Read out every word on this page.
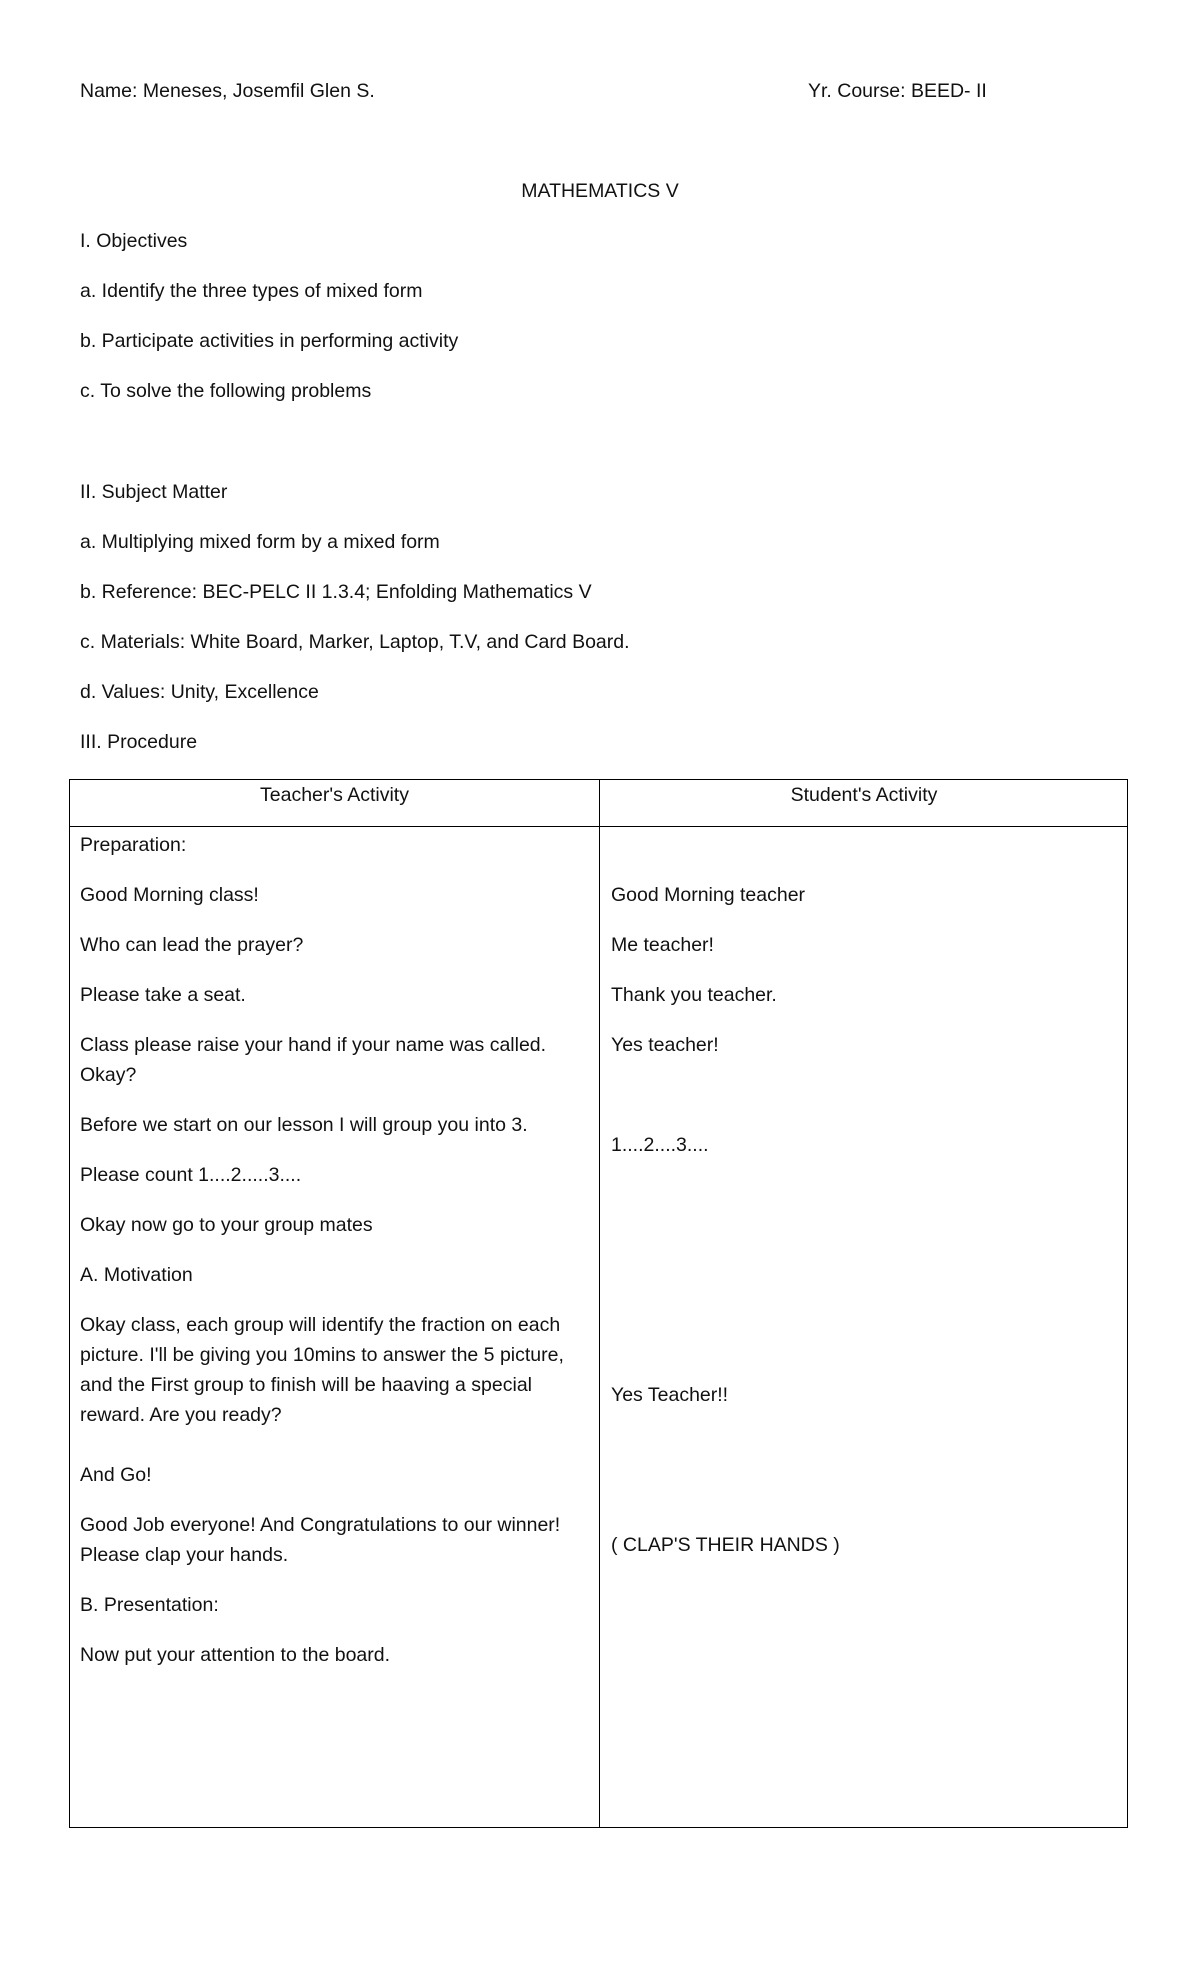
Name: Meneses, Josemfil Glen S.	Yr. Course: BEED- II
MATHEMATICS V
I. Objectives
a. Identify the three types of mixed form
b. Participate activities in performing activity
c. To solve the following problems
II. Subject Matter
a. Multiplying mixed form by a mixed form
b. Reference: BEC-PELC II 1.3.4; Enfolding Mathematics V
c. Materials: White Board, Marker, Laptop, T.V, and Card Board.
d. Values: Unity, Excellence
III. Procedure
Teacher's Activity	Student's Activity
Preparation:
Good Morning class!
Who can lead the prayer?
Please take a seat.
Class please raise your hand if your name was called. Okay?
Before we start on our lesson I will group you into 3.
Please count 1....2.....3....
Okay now go to your group mates
A. Motivation
Okay class, each group will identify the fraction on each picture. I'll be giving you 10mins to answer the 5 picture, and the First group to finish will be haaving a special reward. Are you ready?
And Go!
Good Job everyone! And Congratulations to our winner! Please clap your hands.
B. Presentation:
Now put your attention to the board.
Good Morning teacher
Me teacher!
Thank you teacher.
Yes teacher!
1....2....3....
Yes Teacher!!
( CLAP'S THEIR HANDS )
